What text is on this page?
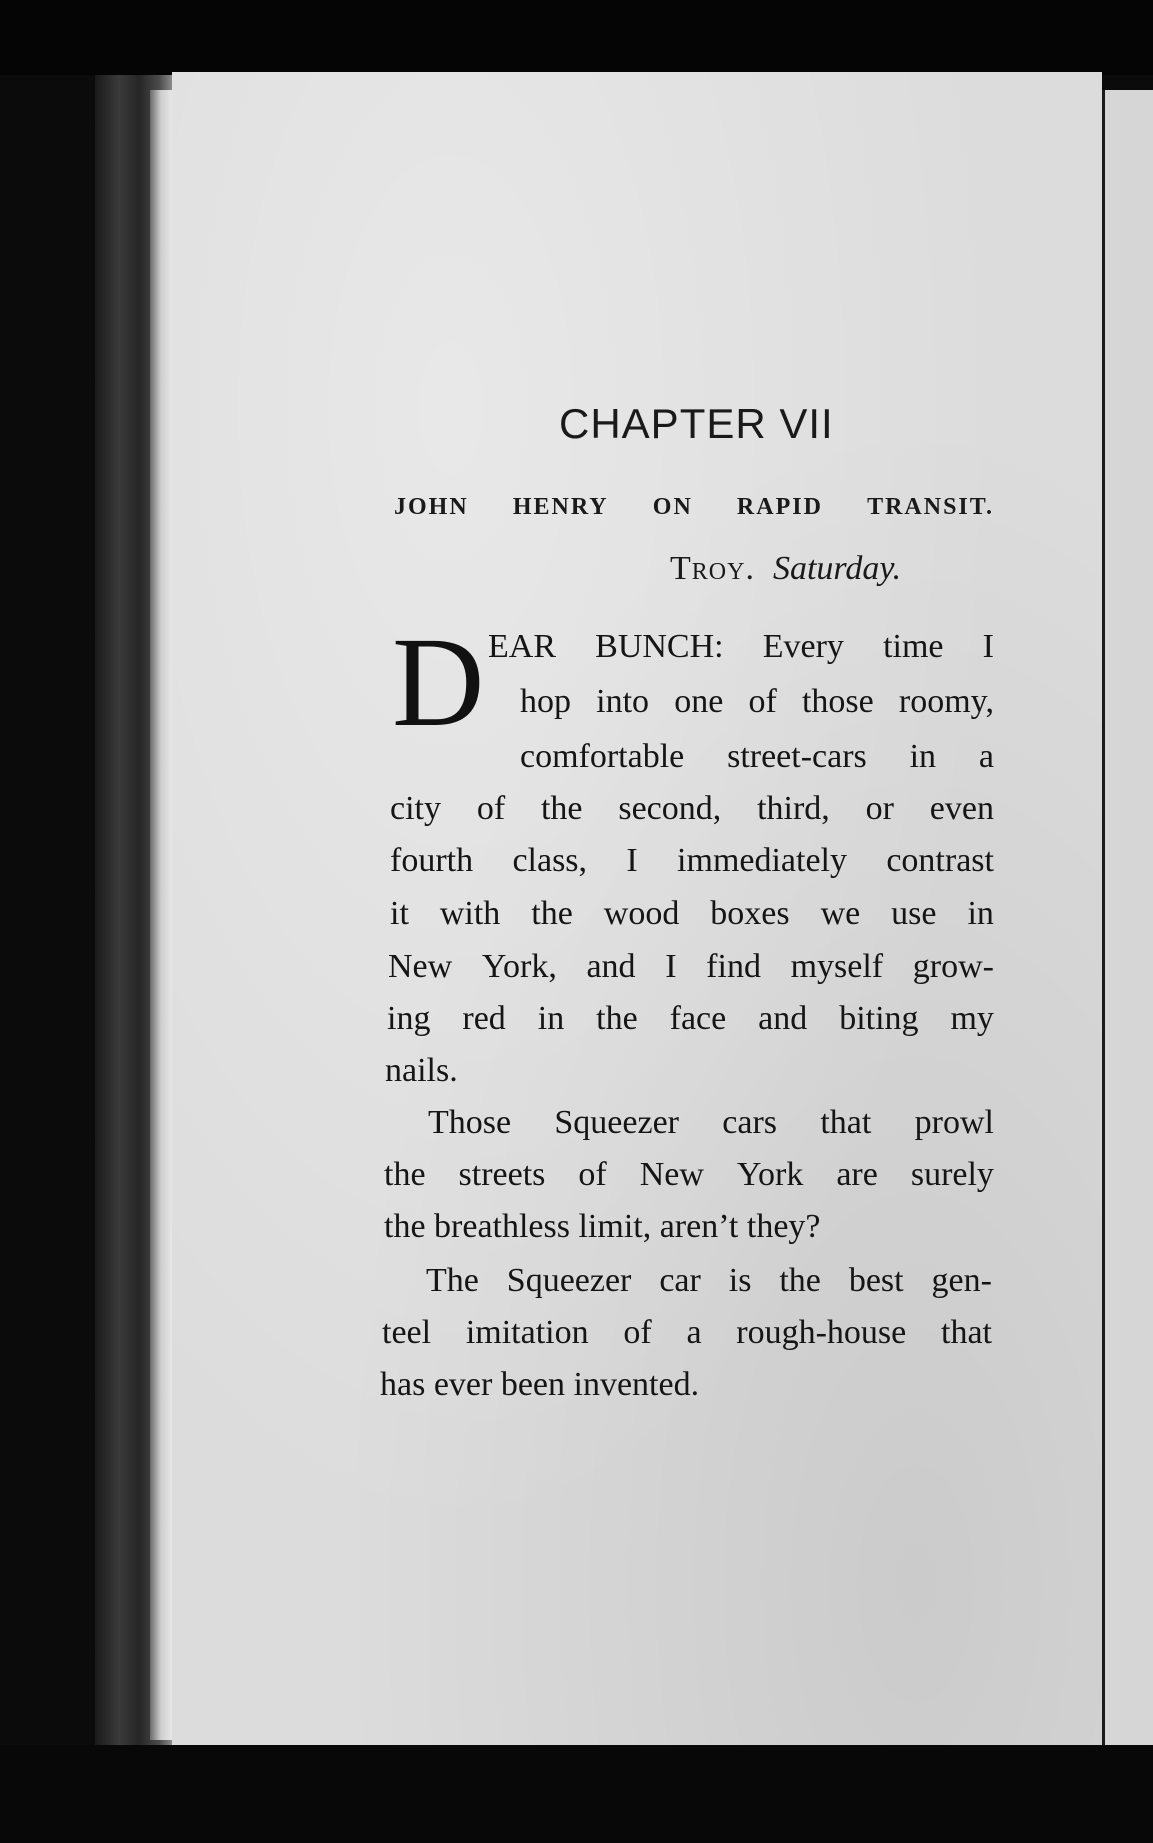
CHAPTER VII
JOHN HENRY ON RAPID TRANSIT.
Troy. Saturday.
D EAR BUNCH: Every time I
hop into one of those roomy,
comfortable street-cars in a
city of the second, third, or even
fourth class, I immediately contrast
it with the wood boxes we use in
New York, and I find myself grow-
ing red in the face and biting my
nails.
Those Squeezer cars that prowl
the streets of New York are surely
the breathless limit, aren’t they?
The Squeezer car is the best gen-
teel imitation of a rough-house that
has ever been invented.
